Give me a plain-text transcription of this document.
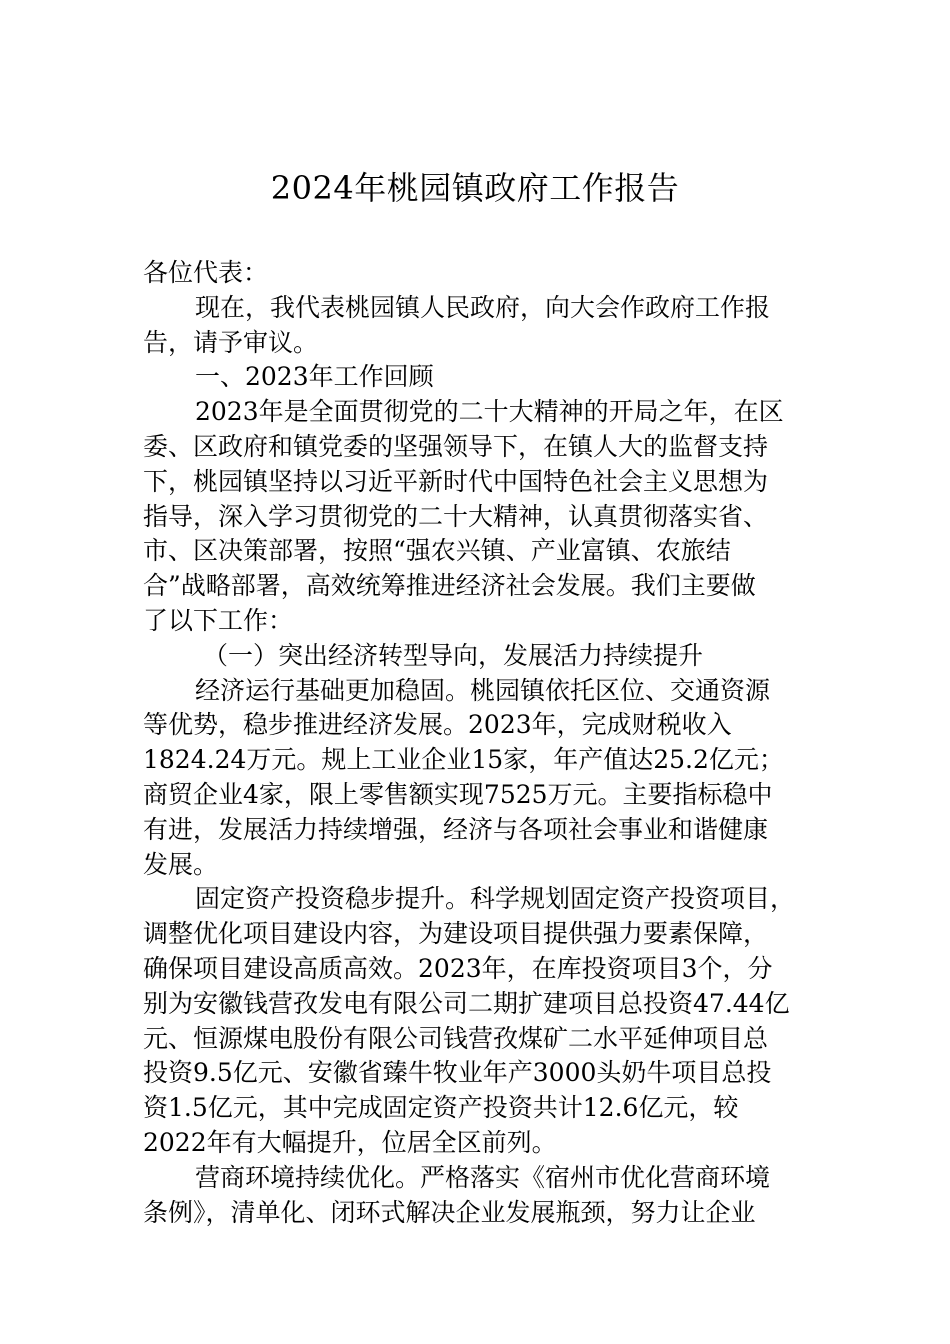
2024年桃园镇政府工作报告
各位代表：
现在，我代表桃园镇人民政府，向大会作政府工作报
告，请予审议。
一、2023年工作回顾
2023年是全面贯彻党的二十大精神的开局之年，在区
委、区政府和镇党委的坚强领导下，在镇人大的监督支持
下，桃园镇坚持以习近平新时代中国特色社会主义思想为
指导，深入学习贯彻党的二十大精神，认真贯彻落实省、
市、区决策部署，按照“强农兴镇、产业富镇、农旅结
合”战略部署，高效统筹推进经济社会发展。我们主要做
了以下工作：
（一）突出经济转型导向，发展活力持续提升
经济运行基础更加稳固。桃园镇依托区位、交通资源
等优势，稳步推进经济发展。2023年，完成财税收入
1824.24万元。规上工业企业15家，年产值达25.2亿元；
商贸企业4家，限上零售额实现7525万元。主要指标稳中
有进，发展活力持续增强，经济与各项社会事业和谐健康
发展。
固定资产投资稳步提升。科学规划固定资产投资项目，
调整优化项目建设内容，为建设项目提供强力要素保障，
确保项目建设高质高效。2023年，在库投资项目3个，分
别为安徽钱营孜发电有限公司二期扩建项目总投资47.44亿
元、恒源煤电股份有限公司钱营孜煤矿二水平延伸项目总
投资9.5亿元、安徽省臻牛牧业年产3000头奶牛项目总投
资1.5亿元，其中完成固定资产投资共计12.6亿元，较
2022年有大幅提升，位居全区前列。
营商环境持续优化。严格落实《宿州市优化营商环境
条例》，清单化、闭环式解决企业发展瓶颈，努力让企业
